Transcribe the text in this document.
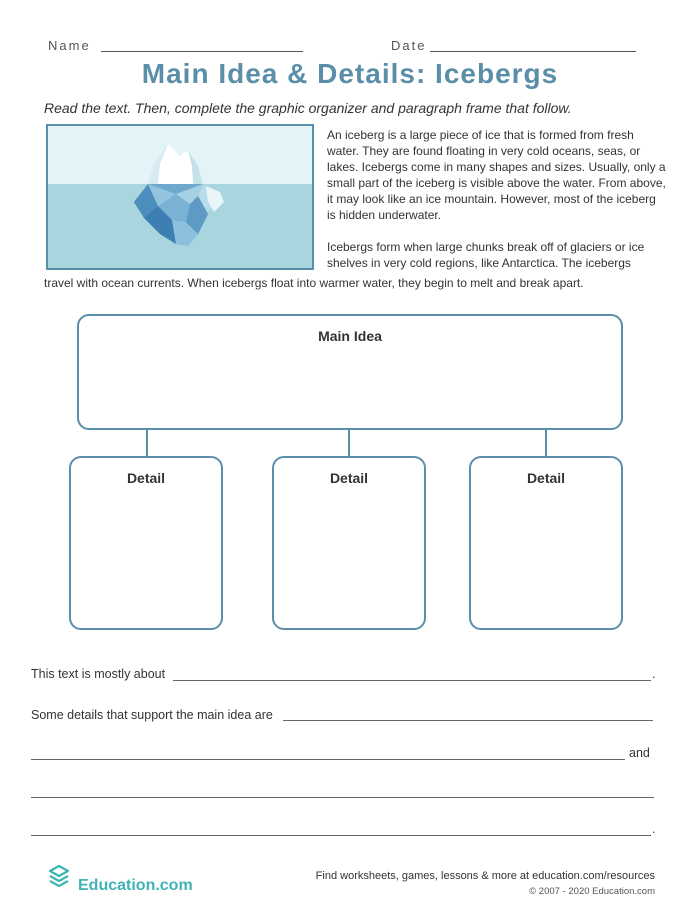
Name	Date
Main Idea & Details: Icebergs
Read the text. Then, complete the graphic organizer and paragraph frame that follow.
An iceberg is a large piece of ice that is formed from fresh water. They are found floating in very cold oceans, seas, or lakes. Icebergs come in many shapes and sizes. Usually, only a small part of the iceberg is visible above the water. From above, it may look like an ice mountain. However, most of the iceberg is hidden underwater.
Icebergs form when large chunks break off of glaciers or ice shelves in very cold regions, like Antarctica. The icebergs
travel with ocean currents. When icebergs float into warmer water, they begin to melt and break apart.
Main Idea
Detail	Detail	Detail
This text is mostly about	.
Some details that support the main idea are
and
.
Education.com
Find worksheets, games, lessons & more at education.com/resources
© 2007 - 2020 Education.com
